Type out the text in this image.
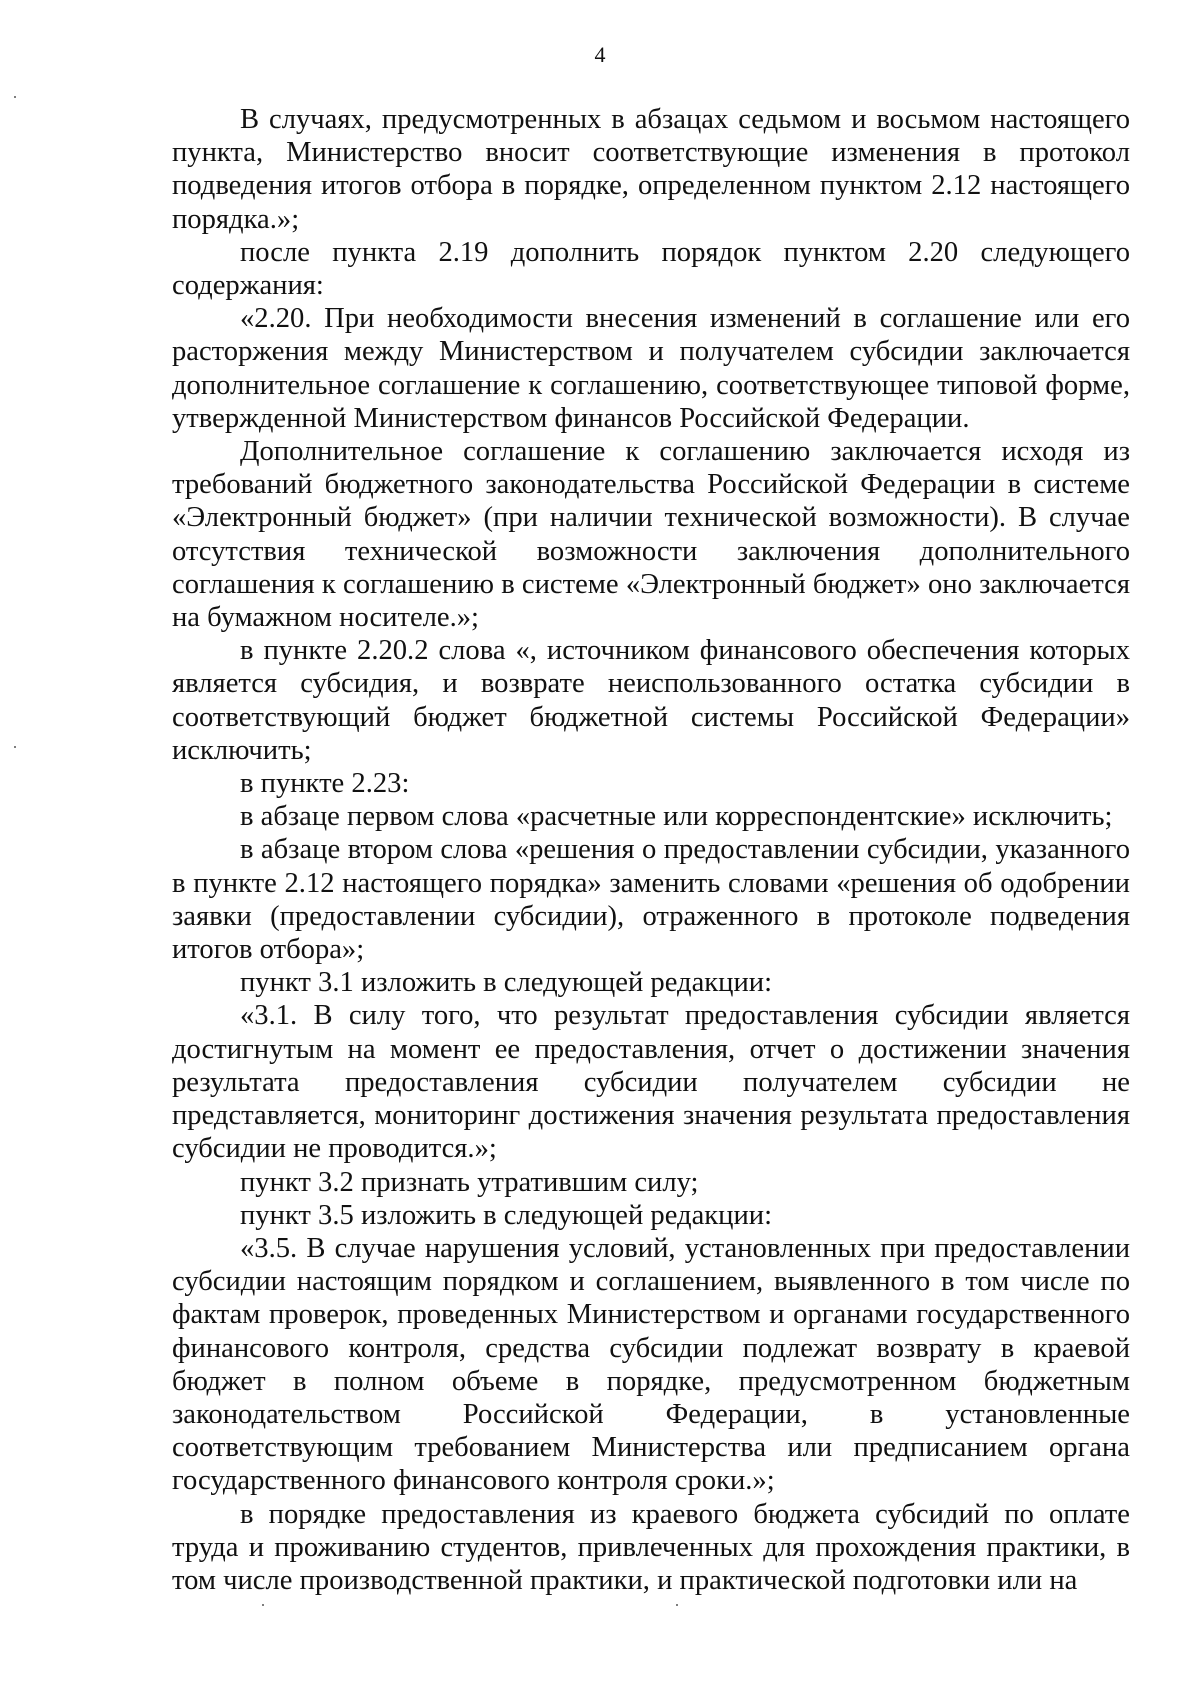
4

В случаях, предусмотренных в абзацах седьмом и восьмом настоящего пункта, Министерство вносит соответствующие изменения в протокол подведения итогов отбора в порядке, определенном пунктом 2.12 настоящего порядка.»;

после пункта 2.19 дополнить порядок пунктом 2.20 следующего содержания:

«2.20. При необходимости внесения изменений в соглашение или его расторжения между Министерством и получателем субсидии заключается дополнительное соглашение к соглашению, соответствующее типовой форме, утвержденной Министерством финансов Российской Федерации.

Дополнительное соглашение к соглашению заключается исходя из требований бюджетного законодательства Российской Федерации в системе «Электронный бюджет» (при наличии технической возможности). В случае отсутствия технической возможности заключения дополнительного соглашения к соглашению в системе «Электронный бюджет» оно заключается на бумажном носителе.»;

в пункте 2.20.2 слова «, источником финансового обеспечения которых является субсидия, и возврате неиспользованного остатка субсидии в соответствующий бюджет бюджетной системы Российской Федерации» исключить;

в пункте 2.23:

в абзаце первом слова «расчетные или корреспондентские» исключить;

в абзаце втором слова «решения о предоставлении субсидии, указанного в пункте 2.12 настоящего порядка» заменить словами «решения об одобрении заявки (предоставлении субсидии), отраженного в протоколе подведения итогов отбора»;

пункт 3.1 изложить в следующей редакции:

«3.1. В силу того, что результат предоставления субсидии является достигнутым на момент ее предоставления, отчет о достижении значения результата предоставления субсидии получателем субсидии не представляется, мониторинг достижения значения результата предоставления субсидии не проводится.»;

пункт 3.2 признать утратившим силу;

пункт 3.5 изложить в следующей редакции:

«3.5. В случае нарушения условий, установленных при предоставлении субсидии настоящим порядком и соглашением, выявленного в том числе по фактам проверок, проведенных Министерством и органами государственного финансового контроля, средства субсидии подлежат возврату в краевой бюджет в полном объеме в порядке, предусмотренном бюджетным законодательством Российской Федерации, в установленные соответствующим требованием Министерства или предписанием органа государственного финансового контроля сроки.»;

в порядке предоставления из краевого бюджета субсидий по оплате труда и проживанию студентов, привлеченных для прохождения практики, в том числе производственной практики, и практической подготовки или на
